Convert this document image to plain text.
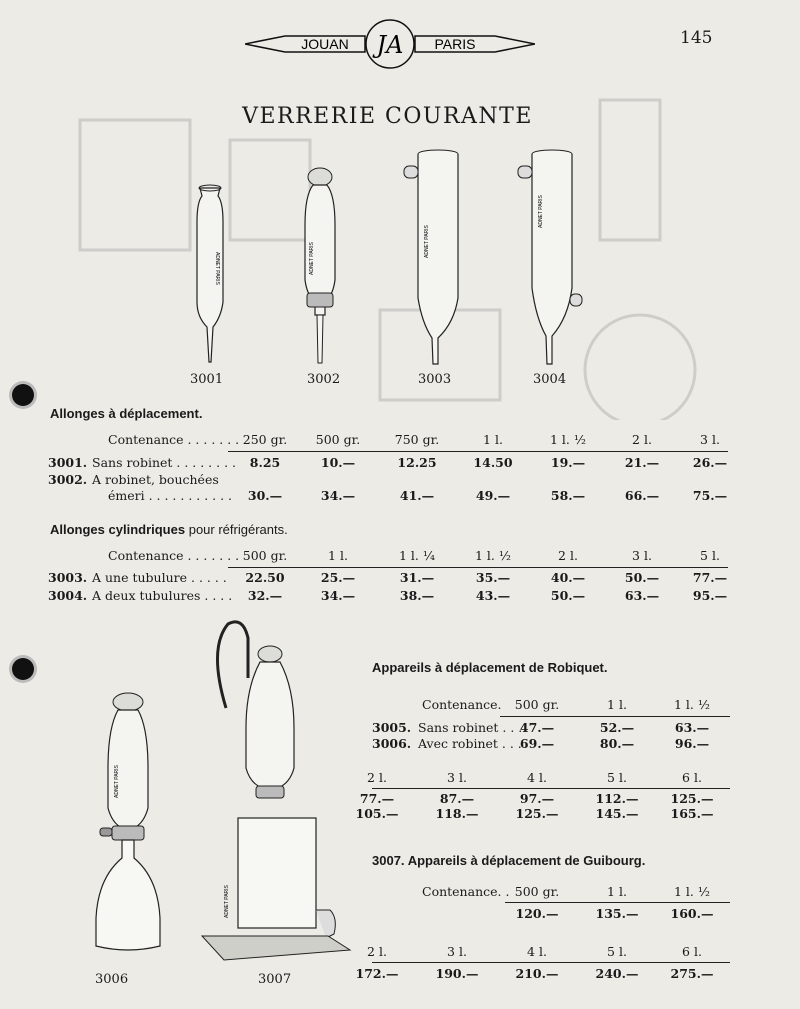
JOUAN	PARIS
JA	145
VERRERIE COURANTE
ADNET PARIS
3001
ADNET PARIS
3002
ADNET PARIS
3003
ADNET PARIS
3004
Allonges à déplacement.
Contenance . . . . . . . 250 gr.	500 gr.	750 gr.	1 l.	1 l. ½	2 l.	3 l.
3001. Sans robinet . . . . . . . .	8.25	10.—	12.25	14.50	19.—	21.—	26.—
3002. A robinet, bouchées
émeri . . . . . . . . . . .	30.—	34.—	41.—	49.—	58.—	66.—	75.—
Allonges cylindriques pour réfrigérants.
Contenance . . . . . . . 500 gr.	1 l.	1 l. ¼	1 l. ½	2 l.	3 l.	5 l.
3003. A une tubulure . . . . .	22.50	25.—	31.—	35.—	40.—	50.—	77.—
3004. A deux tubulures . . . .	32.—	34.—	38.—	43.—	50.—	63.—	95.—
ADNET PARIS
3006
ADNET PARIS
3007
Appareils à déplacement de Robiquet.
Contenance.	500 gr.	1 l.	1 l. ½
3005. Sans robinet . . .
47.—	52.—	63.—
3006. Avec robinet . . .
69.—	80.—	96.—
2 l.	3 l.	4 l.	5 l.	6 l.
77.—	87.—	97.—	112.—	125.—
105.—	118.—	125.—	145.—	165.—
3007. Appareils à déplacement de Guibourg.
Contenance. . 500 gr.	1 l.	1 l. ½
120.—	135.—	160.—
2 l.	3 l.	4 l.	5 l.	6 l.
172.—	190.—	210.—	240.—	275.—
